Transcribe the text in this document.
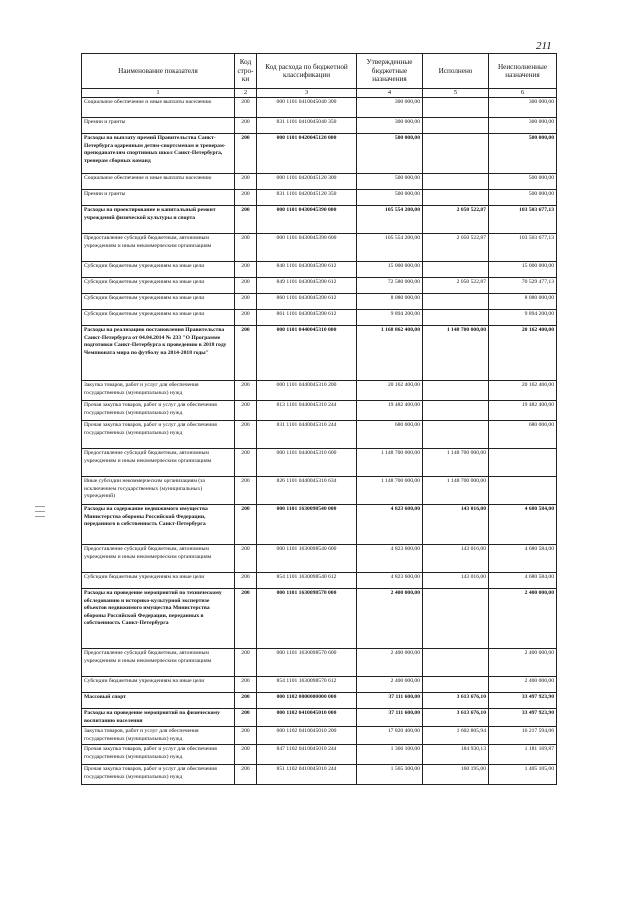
211
Наименование показателя	Код стро-ки	Код расхода по бюджетной классификации	Утвержденные бюджетные назначения	Исполнено	Неисполненные назначения
1	2	3	4	5	6
Социальное обеспечение и иные выплаты населению	200	000 1101 0410045040 300	300 000,00		300 000,00
Премии и гранты	200	831 1101 0410045040 350	300 000,00		300 000,00
Расходы на выплату премий Правительства Санкт-Петербурга одаренным детям-спортсменам и тренерам-преподавателям спортивных школ Санкт-Петербурга, тренерам сборных команд	200	000 1101 0420045120 000	500 000,00		500 000,00
Социальное обеспечение и иные выплаты населению	200	000 1101 0420045120 300	500 000,00		500 000,00
Премии и гранты	200	831 1101 0420045120 350	500 000,00		500 000,00
Расходы на проектирование и капитальный ремонт учреждений физической культуры и спорта	200	000 1101 0430045390 000	105 554 200,00	2 050 522,87	103 503 677,13
Предоставление субсидий бюджетным, автономным учреждениям и иным некоммерческим организациям	200	000 1101 0430045390 600	105 554 200,00	2 050 522,87	103 503 677,13
Субсидии бюджетным учреждениям на иные цели	200	848 1101 0430045390 612	15 000 000,00		15 000 000,00
Субсидии бюджетным учреждениям на иные цели	200	849 1101 0430045390 612	72 580 000,00	2 050 522,87	70 529 477,13
Субсидии бюджетным учреждениям на иные цели	200	860 1101 0430045390 612	8 080 000,00		8 080 000,00
Субсидии бюджетным учреждениям на иные цели	200	861 1101 0430045390 612	9 894 200,00		9 894 200,00
Расходы на реализацию постановления Правительства Санкт-Петербурга от 04.04.2014 № 233 "О Программе подготовки Санкт-Петербурга к проведению в 2018 году Чемпионата мира по футболу на 2014-2018 годы"	200	000 1101 0440045310 000	1 168 862 400,00	1 148 700 000,00	20 162 400,00
Закупка товаров, работ и услуг для обеспечения государственных (муниципальных) нужд	200	000 1101 0440045310 200	20 162 400,00		20 162 400,00
Прочая закупка товаров, работ и услуг для обеспечения государственных (муниципальных) нужд	200	813 1101 0440045310 244	19 482 400,00		19 482 400,00
Прочая закупка товаров, работ и услуг для обеспечения государственных (муниципальных) нужд	200	831 1101 0440045310 244	680 000,00		680 000,00
Предоставление субсидий бюджетным, автономным учреждениям и иным некоммерческим организациям	200	000 1101 0440045310 600	1 148 700 000,00	1 148 700 000,00	
Иные субсидии некоммерческим организациям (за исключением государственных (муниципальных) учреждений)	200	826 1101 0440045310 634	1 148 700 000,00	1 148 700 000,00	
Расходы на содержание недвижимого имущества Министерства обороны Российской Федерации, переданного в собственность Санкт-Петербурга	200	000 1101 1630098540 000	4 823 600,00	143 016,00	4 680 584,00
Предоставление субсидий бюджетным, автономным учреждениям и иным некоммерческим организациям	200	000 1101 1630098540 600	4 823 600,00	143 016,00	4 680 584,00
Субсидии бюджетным учреждениям на иные цели	200	854 1101 1630098540 612	4 823 600,00	143 016,00	4 680 584,00
Расходы на проведение мероприятий по техническому обследованию и историко-культурной экспертизе объектов недвижимого имущества Министерства обороны Российской Федерации, переданных в собственность Санкт-Петербурга	200	000 1101 1630098570 000	2 400 000,00		2 400 000,00
Предоставление субсидий бюджетным, автономным учреждениям и иным некоммерческим организациям	200	000 1101 1630098570 600	2 400 000,00		2 400 000,00
Субсидии бюджетным учреждениям на иные цели	200	854 1101 1630098570 612	2 400 000,00		2 400 000,00
Массовый спорт	200	000 1102 0000000000 000	37 111 600,00	3 613 676,10	33 497 923,90
Расходы на проведение мероприятий по физическому воспитанию населения	200	000 1102 0410045010 000	37 111 600,00	3 613 676,10	33 497 923,90
Закупка товаров, работ и услуг для обеспечения государственных (муниципальных) нужд	200	000 1102 0410045010 200	17 820 400,00	1 602 805,94	16 217 594,06
Прочая закупка товаров, работ и услуг для обеспечения государственных (муниципальных) нужд	200	847 1102 0410045010 244	1 366 100,00	184 930,13	1 181 169,87
Прочая закупка товаров, работ и услуг для обеспечения государственных (муниципальных) нужд	200	851 1102 0410045010 244	1 565 300,00	160 195,00	1 405 105,00
